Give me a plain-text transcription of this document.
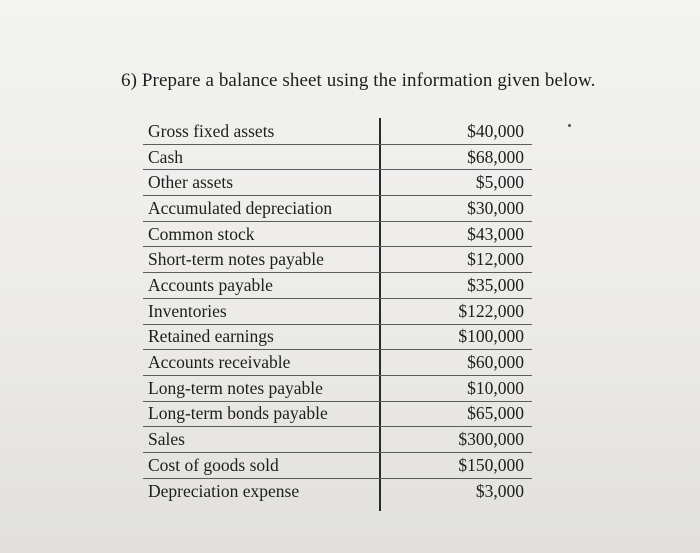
6) Prepare a balance sheet using the information given below.
Gross fixed assets	$40,000
Cash	$68,000
Other assets	$5,000
Accumulated depreciation	$30,000
Common stock	$43,000
Short-term notes payable	$12,000
Accounts payable	$35,000
Inventories	$122,000
Retained earnings	$100,000
Accounts receivable	$60,000
Long-term notes payable	$10,000
Long-term bonds payable	$65,000
Sales	$300,000
Cost of goods sold	$150,000
Depreciation expense	$3,000
